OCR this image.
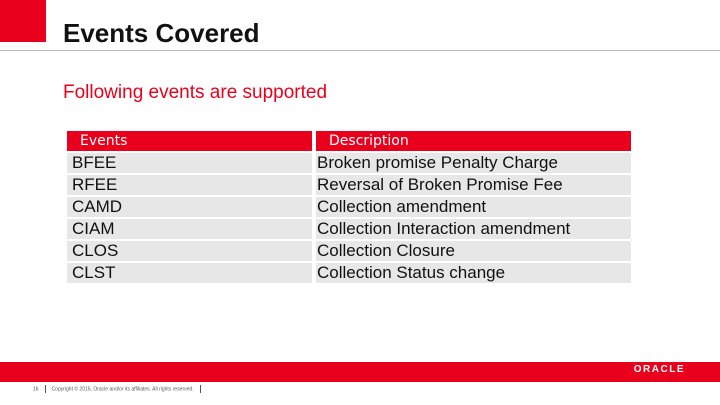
Events Covered
Following events are supported
Events	Description
BFEE	Broken promise Penalty Charge
RFEE	Reversal of Broken Promise Fee
CAMD	Collection amendment
CIAM	Collection Interaction amendment
CLOS	Collection Closure
CLST	Collection Status change
ORACLE
16	Copyright © 2015, Oracle and/or its affiliates. All rights reserved.
